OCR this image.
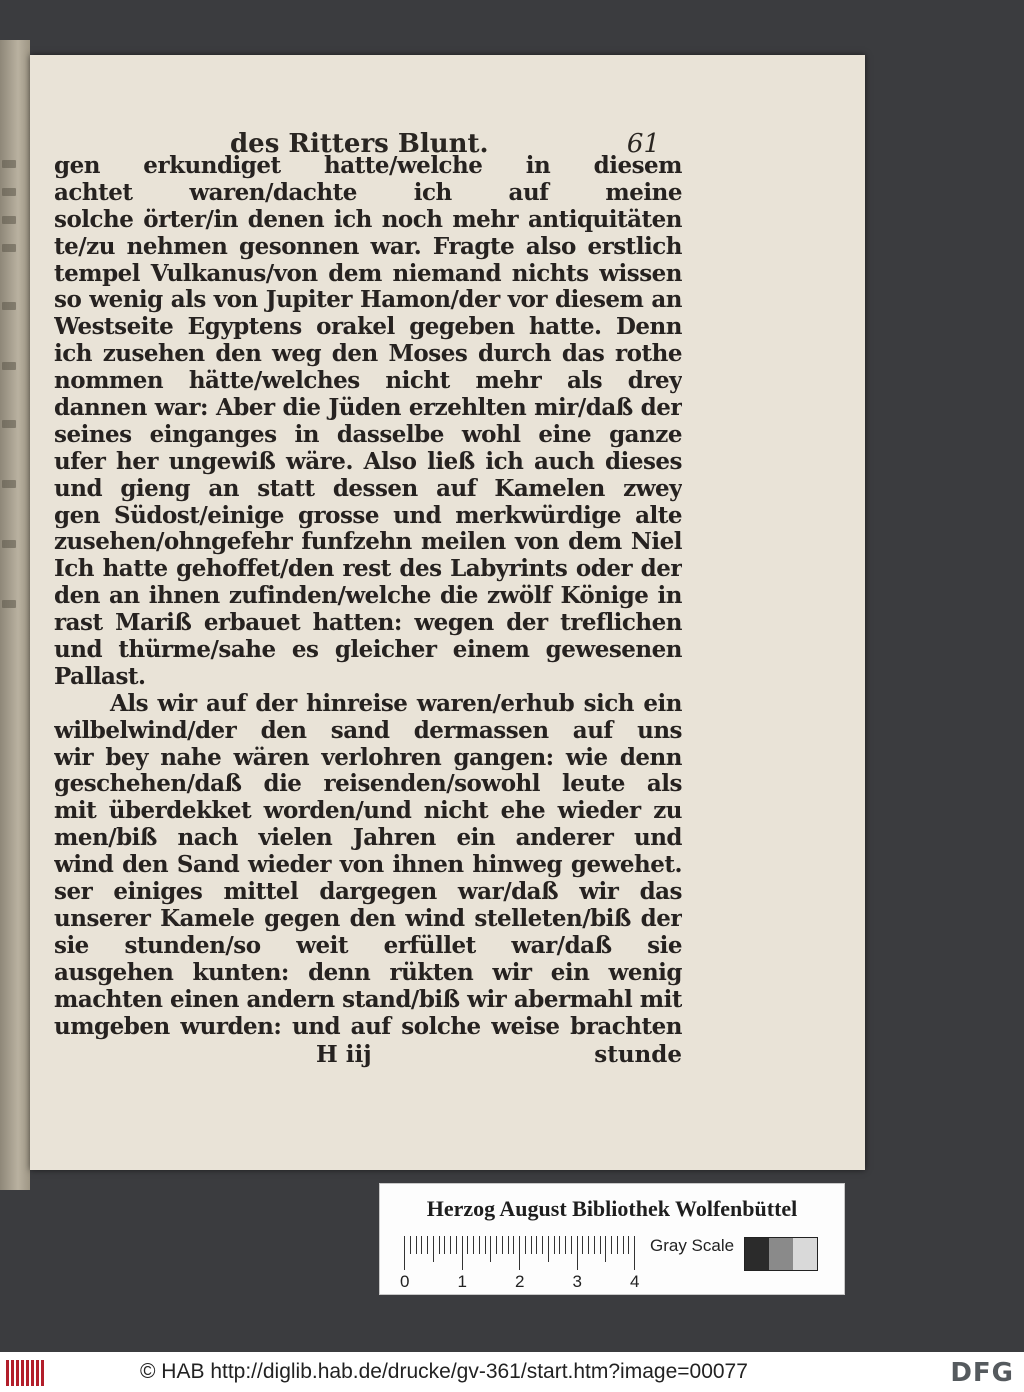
des Ritters Blunt.	61
gen erkundiget hatte/welche in diesem
achtet waren/dachte ich auf meine
solche örter/in denen ich noch mehr antiquitäten
te/zu nehmen gesonnen war. Fragte also erstlich
tempel Vulkanus/von dem niemand nichts wissen
so wenig als von Jupiter Hamon/der vor diesem an
Westseite Egyptens orakel gegeben hatte. Denn
ich zusehen den weg den Moses durch das rothe
nommen hätte/welches nicht mehr als drey
dannen war: Aber die Jüden erzehlten mir/daß der
seines einganges in dasselbe wohl eine ganze
ufer her ungewiß wäre. Also ließ ich auch dieses
und gieng an statt dessen auf Kamelen zwey
gen Südost/einige grosse und merkwürdige alte
zusehen/ohngefehr funfzehn meilen von dem Niel
Ich hatte gehoffet/den rest des Labyrints oder der
den an ihnen zufinden/welche die zwölf Könige in
rast Mariß erbauet hatten: wegen der treflichen
und thürme/sahe es gleicher einem gewesenen
Pallast.
Als wir auf der hinreise waren/erhub sich ein
wilbelwind/der den sand dermassen auf uns
wir bey nahe wären verlohren gangen: wie denn
geschehen/daß die reisenden/sowohl leute als
mit überdekket worden/und nicht ehe wieder zu
men/biß nach vielen Jahren ein anderer und
wind den Sand wieder von ihnen hinweg gewehet.
ser einiges mittel dargegen war/daß wir das
unserer Kamele gegen den wind stelleten/biß der
sie stunden/so weit erfüllet war/daß sie
ausgehen kunten: denn rükten wir ein wenig
machten einen andern stand/biß wir abermahl mit
umgeben wurden: und auf solche weise brachten
H iij	stunde
Herzog August Bibliothek Wolfenbüttel
0	1	2	3	4
Gray Scale
© HAB http://diglib.hab.de/drucke/gv-361/start.htm?image=00077	DFG
